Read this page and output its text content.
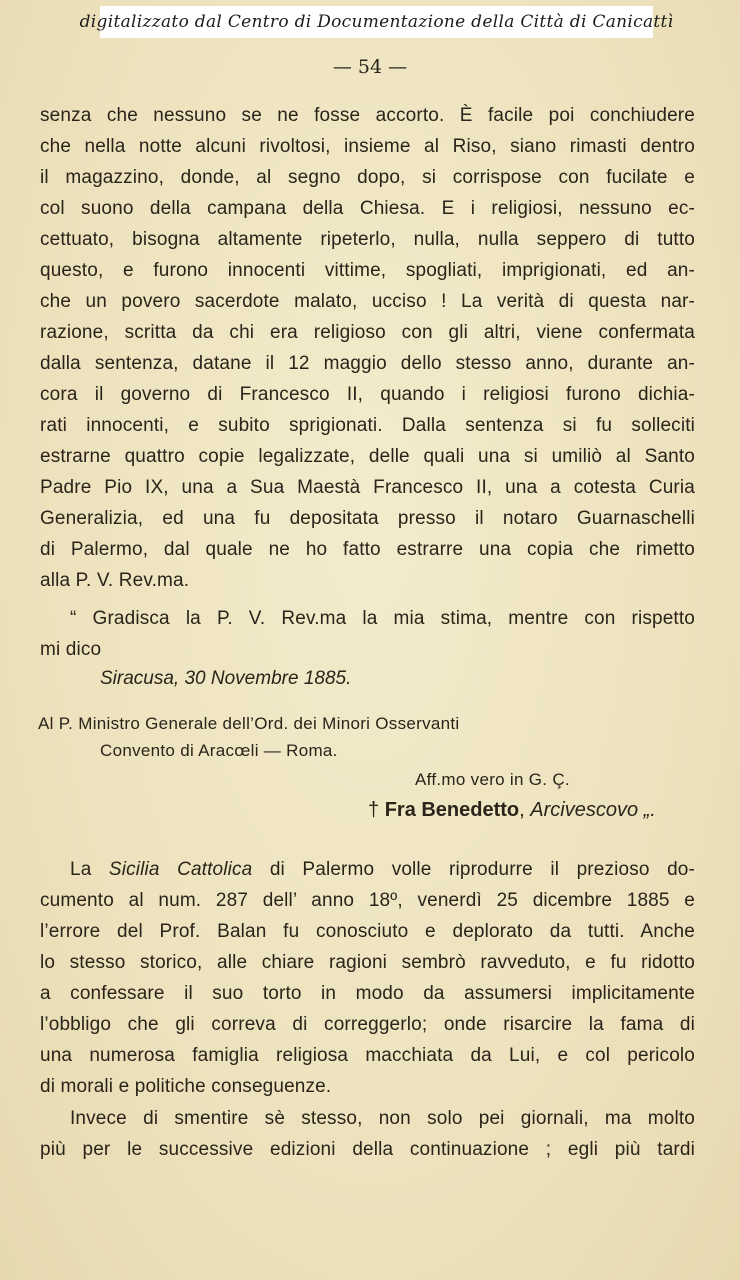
digitalizzato dal Centro di Documentazione della Città di Canicattì
— 54 —
senza che nessuno se ne fosse accorto. È facile poi conchiudere
che nella notte alcuni rivoltosi, insieme al Riso, siano rimasti dentro
il magazzino, donde, al segno dopo, si corrispose con fucilate e
col suono della campana della Chiesa. E i religiosi, nessuno ec-
cettuato, bisogna altamente ripeterlo, nulla, nulla seppero di tutto
questo, e furono innocenti vittime, spogliati, imprigionati, ed an-
che un povero sacerdote malato, ucciso ! La verità di questa nar-
razione, scritta da chi era religioso con gli altri, viene confermata
dalla sentenza, datane il 12 maggio dello stesso anno, durante an-
cora il governo di Francesco II, quando i religiosi furono dichia-
rati innocenti, e subito sprigionati. Dalla sentenza si fu solleciti
estrarne quattro copie legalizzate, delle quali una si umiliò al Santo
Padre Pio IX, una a Sua Maestà Francesco II, una a cotesta Curia
Generalizia, ed una fu depositata presso il notaro Guarnaschelli
di Palermo, dal quale ne ho fatto estrarre una copia che rimetto
alla P. V. Rev.ma.
“ Gradisca la P. V. Rev.ma la mia stima, mentre con rispetto
mi dico
Siracusa, 30 Novembre 1885.
Al P. Ministro Generale dell’Ord. dei Minori Osservanti
Convento di Aracœli — Roma.
Aff.mo vero in G. Ç.
† Fra Benedetto, Arcivescovo „.
La Sicilia Cattolica di Palermo volle riprodurre il prezioso do-
cumento al num. 287 dell’ anno 18º, venerdì 25 dicembre 1885 e
l’errore del Prof. Balan fu conosciuto e deplorato da tutti. Anche
lo stesso storico, alle chiare ragioni sembrò ravveduto, e fu ridotto
a confessare il suo torto in modo da assumersi implicitamente
l’obbligo che gli correva di correggerlo; onde risarcire la fama di
una numerosa famiglia religiosa macchiata da Lui, e col pericolo
di morali e politiche conseguenze.
Invece di smentire sè stesso, non solo pei giornali, ma molto
più per le successive edizioni della continuazione ; egli più tardi
